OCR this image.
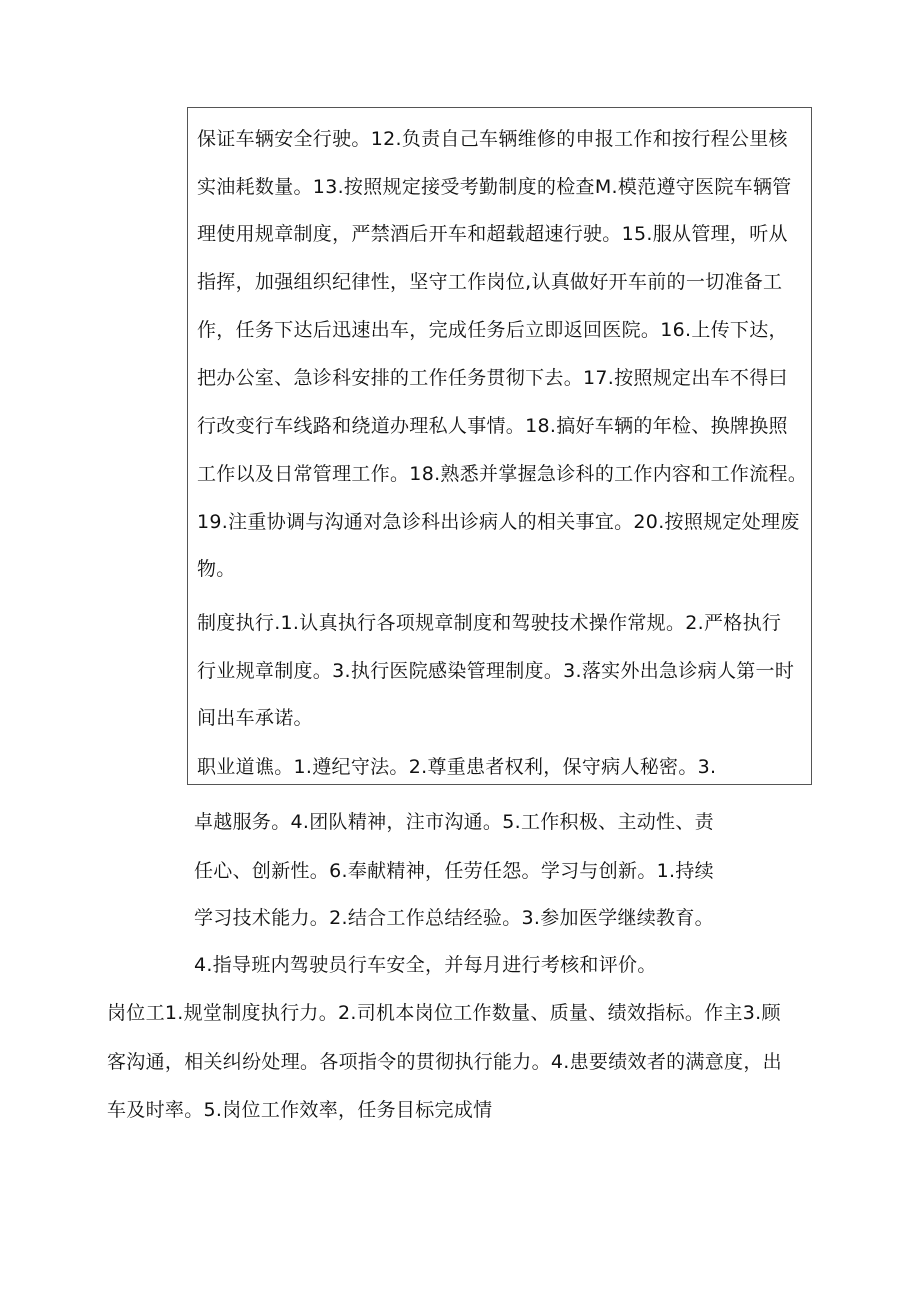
保证车辆安全行驶。12.负责自己车辆维修的申报工作和按行程公里核
实油耗数量。13.按照规定接受考勤制度的检查M.模范遵守医院车辆管
理使用规章制度，严禁酒后开车和超载超速行驶。15.服从管理，听从
指挥，加强组织纪律性，坚守工作岗位,认真做好开车前的一切准备工
作，任务下达后迅速出车，完成任务后立即返回医院。16.上传下达，
把办公室、急诊科安排的工作任务贯彻下去。17.按照规定出车不得曰
行改变行车线路和绕道办理私人事情。18.搞好车辆的年检、换牌换照
工作以及日常管理工作。18.熟悉并掌握急诊科的工作内容和工作流程。
19.注重协调与沟通对急诊科出诊病人的相关事宜。20.按照规定处理废
物。
制度执行.1.认真执行各项规章制度和驾驶技术操作常规。2.严格执行
行业规章制度。3.执行医院感染管理制度。3.落实外出急诊病人第一时
间出车承诺。
职业道谯。1.遵纪守法。2.尊重患者权利，保守病人秘密。3.
卓越服务。4.团队精神，注市沟通。5.工作积极、主动性、责
任心、创新性。6.奉献精神，任劳任怨。学习与创新。1.持续
学习技术能力。2.结合工作总结经验。3.参加医学继续教育。
4.指导班内驾驶员行车安全，并每月进行考核和评价。
岗位工1.规堂制度执行力。2.司机本岗位工作数量、质量、绩效指标。作主3.顾
客沟通，相关纠纷处理。各项指令的贯彻执行能力。4.患要绩效者的满意度，出
车及时率。5.岗位工作效率，任务目标完成情
